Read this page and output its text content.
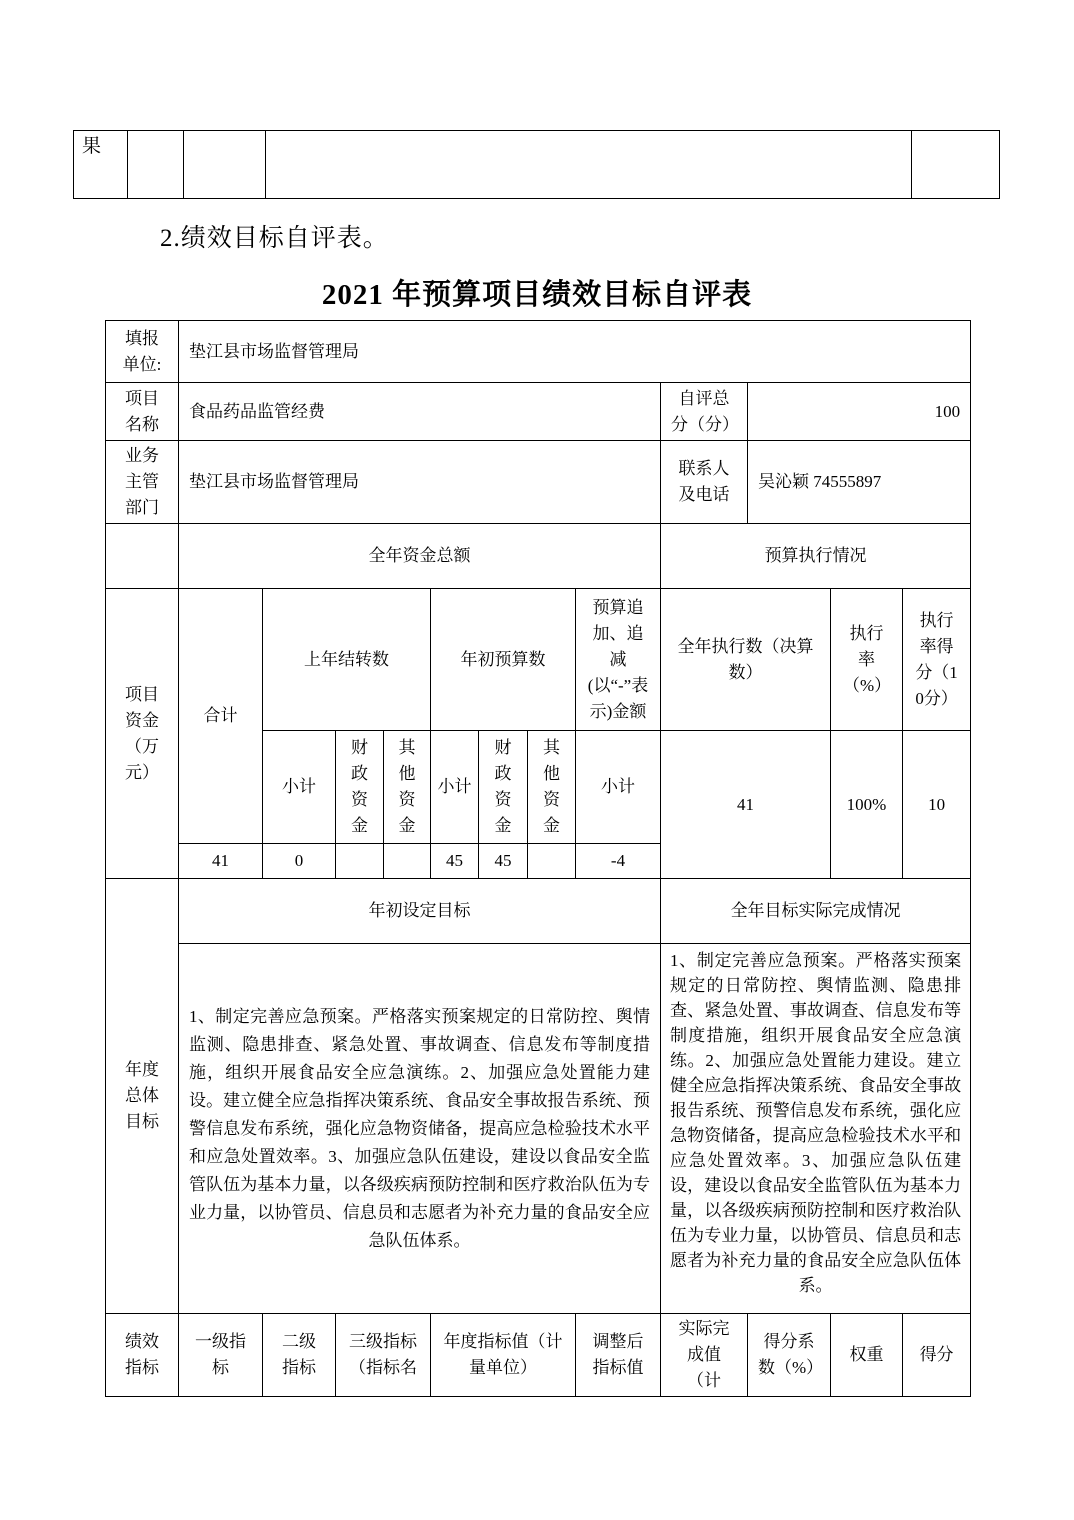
果				
2.绩效目标自评表。
2021 年预算项目绩效目标自评表
填报单位:	垫江县市场监督管理局											
项目名称	食品药品监管经费								自评总分（分）	100		
业务主管部门	垫江县市场监督管理局								联系人及电话	吴沁颖 74555897		
	全年资金总额								预算执行情况			
项目资金（万元）	合计	上年结转数			年初预算数			预算追加、追减(以“-”表示)金额	全年执行数（决算数）		执行率（%）	执行率得分（10分）
		小计	财政资金	其他资金	小计	财政资金	其他资金	小计	41		100%	10
	41	0			45	45		-4				
年度总体目标	年初设定目标								全年目标实际完成情况			
1、制定完善应急预案。严格落实预案规定的日常防控、舆情监测、隐患排查、紧急处置、事故调查、信息发布等制度措施，组织开展食品安全应急演练。2、加强应急处置能力建设。建立健全应急指挥决策系统、食品安全事故报告系统、预警信息发布系统，强化应急物资储备，提高应急检验技术水平和应急处置效率。3、加强应急队伍建设，建设以食品安全监管队伍为基本力量，以各级疾病预防控制和医疗救治队伍为专业力量，以协管员、信息员和志愿者为补充力量的食品安全应急队伍体系。	1、制定完善应急预案。严格落实预案规定的日常防控、舆情监测、隐患排查、紧急处置、事故调查、信息发布等制度措施，组织开展食品安全应急演练。2、加强应急处置能力建设。建立健全应急指挥决策系统、食品安全事故报告系统、预警信息发布系统，强化应急物资储备，提高应急检验技术水平和应急处置效率。3、加强应急队伍建设，建设以食品安全监管队伍为基本力量，以各级疾病预防控制和医疗救治队伍为专业力量，以协管员、信息员和志愿者为补充力量的食品安全应急队伍体系。
绩效指标	一级指标	二级指标	三级指标（指标名		年度指标值（计量单位）			调整后指标值	实际完成值（计	得分系数（%）	权重	得分
